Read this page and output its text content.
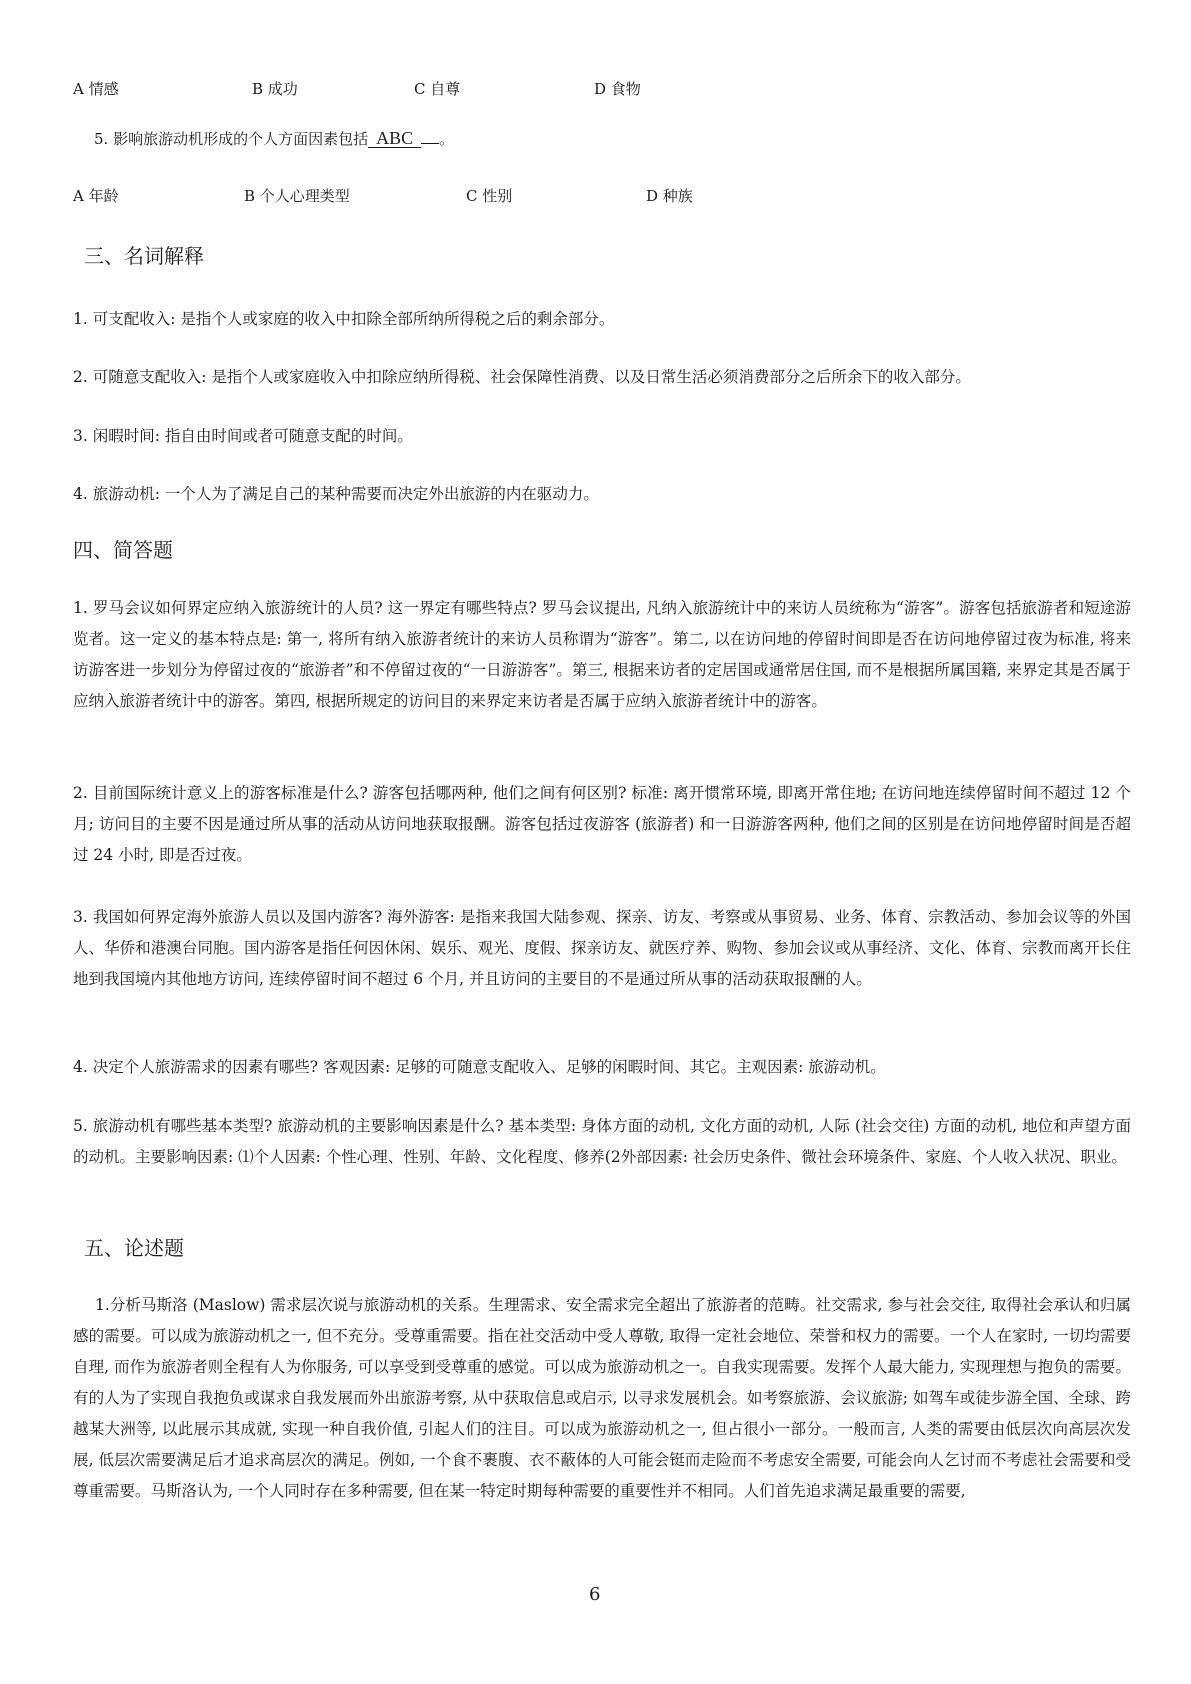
A 情感	B 成功	C 自尊	D 食物
5. 影响旅游动机形成的个人方面因素包括 ABC 。
A 年龄	B 个人心理类型	C 性别	D 种族
三、名词解释
1. 可支配收入: 是指个人或家庭的收入中扣除全部所纳所得税之后的剩余部分。
2. 可随意支配收入: 是指个人或家庭收入中扣除应纳所得税、社会保障性消费、以及日常生活必须消费部分之后所余下的收入部分。
3. 闲暇时间: 指自由时间或者可随意支配的时间。
4. 旅游动机: 一个人为了满足自己的某种需要而决定外出旅游的内在驱动力。
四、简答题
1. 罗马会议如何界定应纳入旅游统计的人员? 这一界定有哪些特点? 罗马会议提出, 凡纳入旅游统计中的来访人员统称为“游客”。游客包括旅游者和短途游览者。这一定义的基本特点是: 第一, 将所有纳入旅游者统计的来访人员称谓为“游客”。第二, 以在访问地的停留时间即是否在访问地停留过夜为标准, 将来访游客进一步划分为停留过夜的“旅游者”和不停留过夜的“一日游游客”。第三, 根据来访者的定居国或通常居住国, 而不是根据所属国籍, 来界定其是否属于应纳入旅游者统计中的游客。第四, 根据所规定的访问目的来界定来访者是否属于应纳入旅游者统计中的游客。
2. 目前国际统计意义上的游客标准是什么? 游客包括哪两种, 他们之间有何区别? 标准: 离开惯常环境, 即离开常住地; 在访问地连续停留时间不超过 12 个月; 访问目的主要不因是通过所从事的活动从访问地获取报酬。游客包括过夜游客 (旅游者) 和一日游游客两种, 他们之间的区别是在访问地停留时间是否超过 24 小时, 即是否过夜。
3. 我国如何界定海外旅游人员以及国内游客? 海外游客: 是指来我国大陆参观、探亲、访友、考察或从事贸易、业务、体育、宗教活动、参加会议等的外国人、华侨和港澳台同胞。国内游客是指任何因休闲、娱乐、观光、度假、探亲访友、就医疗养、购物、参加会议或从事经济、文化、体育、宗教而离开长住地到我国境内其他地方访问, 连续停留时间不超过 6 个月, 并且访问的主要目的不是通过所从事的活动获取报酬的人。
4. 决定个人旅游需求的因素有哪些? 客观因素: 足够的可随意支配收入、足够的闲暇时间、其它。主观因素: 旅游动机。
5. 旅游动机有哪些基本类型? 旅游动机的主要影响因素是什么? 基本类型: 身体方面的动机, 文化方面的动机, 人际 (社会交往) 方面的动机, 地位和声望方面的动机。主要影响因素: ⑴个人因素: 个性心理、性别、年龄、文化程度、修养(2外部因素: 社会历史条件、微社会环境条件、家庭、个人收入状况、职业。
五、论述题
1.分析马斯洛 (Maslow) 需求层次说与旅游动机的关系。生理需求、安全需求完全超出了旅游者的范畴。社交需求, 参与社会交往, 取得社会承认和归属感的需要。可以成为旅游动机之一, 但不充分。受尊重需要。指在社交活动中受人尊敬, 取得一定社会地位、荣誉和权力的需要。一个人在家时, 一切均需要自理, 而作为旅游者则全程有人为你服务, 可以享受到受尊重的感觉。可以成为旅游动机之一。自我实现需要。发挥个人最大能力, 实现理想与抱负的需要。有的人为了实现自我抱负或谋求自我发展而外出旅游考察, 从中获取信息或启示, 以寻求发展机会。如考察旅游、会议旅游; 如驾车或徒步游全国、全球、跨越某大洲等, 以此展示其成就, 实现一种自我价值, 引起人们的注目。可以成为旅游动机之一, 但占很小一部分。一般而言, 人类的需要由低层次向高层次发展, 低层次需要满足后才追求高层次的满足。例如, 一个食不裹腹、衣不蔽体的人可能会铤而走险而不考虑安全需要, 可能会向人乞讨而不考虑社会需要和受尊重需要。马斯洛认为, 一个人同时存在多种需要, 但在某一特定时期每种需要的重要性并不相同。人们首先追求满足最重要的需要,
6
